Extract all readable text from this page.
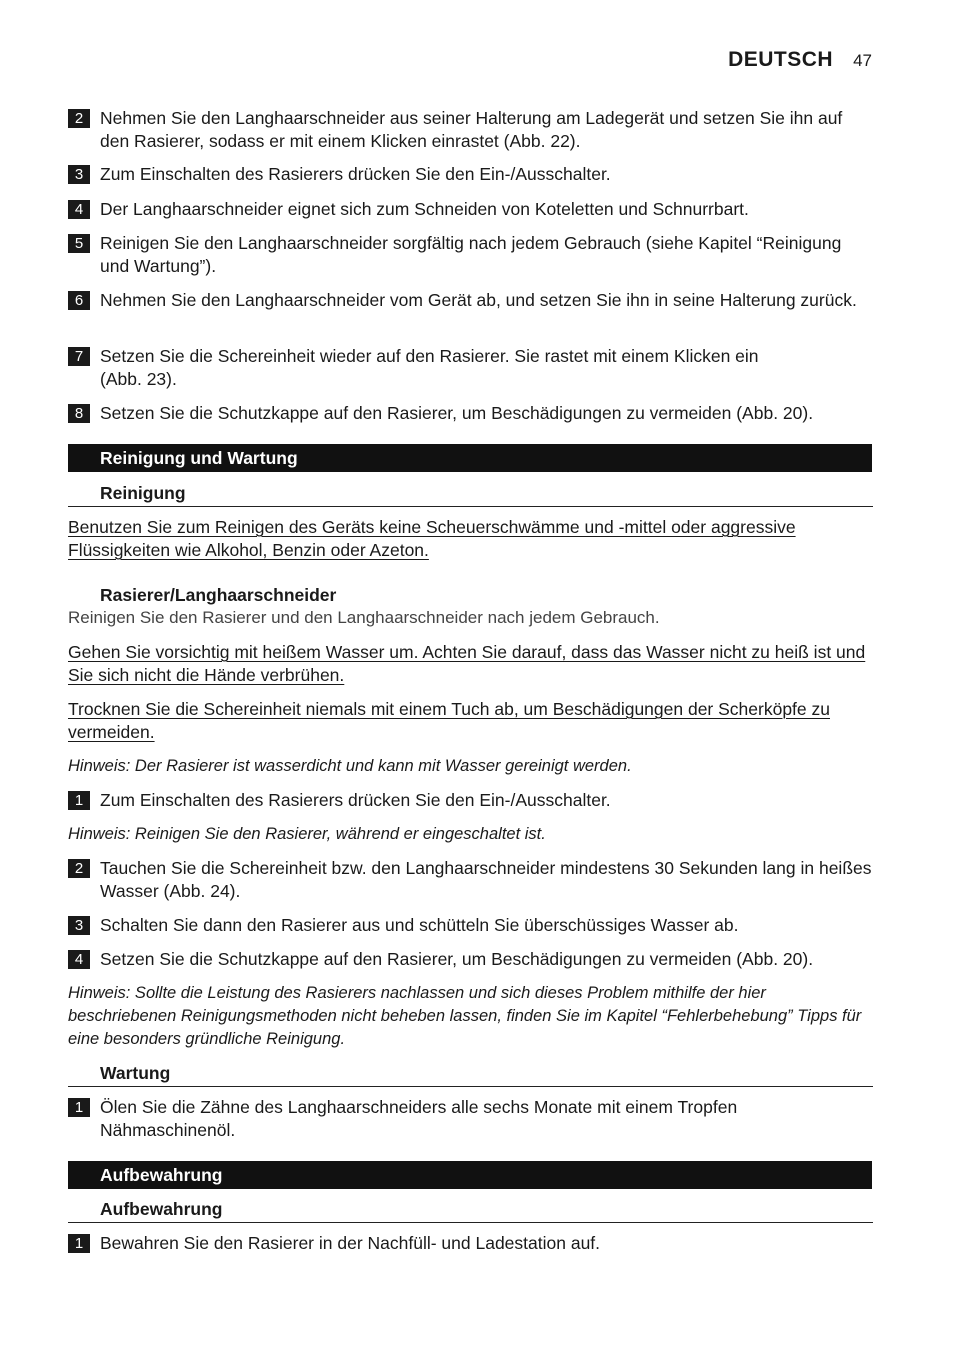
DEUTSCH 47
2 Nehmen Sie den Langhaarschneider aus seiner Halterung am Ladegerät und setzen Sie ihn auf den Rasierer, sodass er mit einem Klicken einrastet (Abb. 22).
3 Zum Einschalten des Rasierers drücken Sie den Ein-/Ausschalter.
4 Der Langhaarschneider eignet sich zum Schneiden von Koteletten und Schnurrbart.
5 Reinigen Sie den Langhaarschneider sorgfältig nach jedem Gebrauch (siehe Kapitel “Reinigung und Wartung”).
6 Nehmen Sie den Langhaarschneider vom Gerät ab, und setzen Sie ihn in seine Halterung zurück.
7 Setzen Sie die Schereinheit wieder auf den Rasierer. Sie rastet mit einem Klicken ein (Abb. 23).
8 Setzen Sie die Schutzkappe auf den Rasierer, um Beschädigungen zu vermeiden (Abb. 20).
Reinigung und Wartung
Reinigung
Benutzen Sie zum Reinigen des Geräts keine Scheuerschwämme und -mittel oder aggressive Flüssigkeiten wie Alkohol, Benzin oder Azeton.
Rasierer/Langhaarschneider
Reinigen Sie den Rasierer und den Langhaarschneider nach jedem Gebrauch.
Gehen Sie vorsichtig mit heißem Wasser um. Achten Sie darauf, dass das Wasser nicht zu heiß ist und Sie sich nicht die Hände verbrühen.
Trocknen Sie die Schereinheit niemals mit einem Tuch ab, um Beschädigungen der Scherköpfe zu vermeiden.
Hinweis: Der Rasierer ist wasserdicht und kann mit Wasser gereinigt werden.
1 Zum Einschalten des Rasierers drücken Sie den Ein-/Ausschalter.
Hinweis: Reinigen Sie den Rasierer, während er eingeschaltet ist.
2 Tauchen Sie die Schereinheit bzw. den Langhaarschneider mindestens 30 Sekunden lang in heißes Wasser (Abb. 24).
3 Schalten Sie dann den Rasierer aus und schütteln Sie überschüssiges Wasser ab.
4 Setzen Sie die Schutzkappe auf den Rasierer, um Beschädigungen zu vermeiden (Abb. 20).
Hinweis: Sollte die Leistung des Rasierers nachlassen und sich dieses Problem mithilfe der hier beschriebenen Reinigungsmethoden nicht beheben lassen, finden Sie im Kapitel “Fehlerbehebung” Tipps für eine besonders gründliche Reinigung.
Wartung
1 Ölen Sie die Zähne des Langhaarschneiders alle sechs Monate mit einem Tropfen Nähmaschinenöl.
Aufbewahrung
Aufbewahrung
1 Bewahren Sie den Rasierer in der Nachfüll- und Ladestation auf.
